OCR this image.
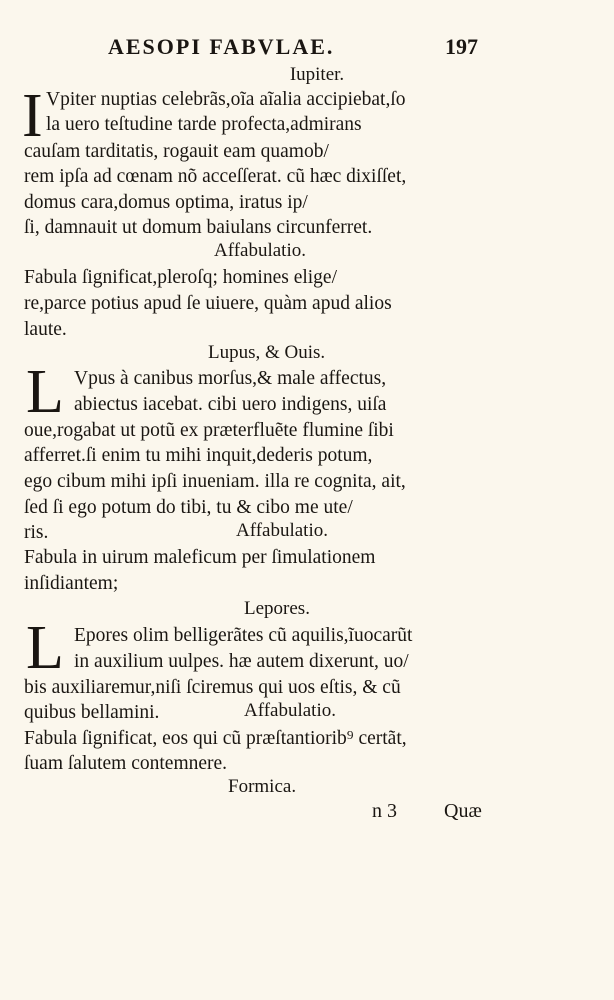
AESOPI FABVLAE.	197
Iupiter.
I Vpiter nuptias celebrãs,oĩa aĩalia accipiebat,ſo
la uero teſtudine tarde profecta,admirans
cauſam tarditatis, rogauit eam quamob/
rem ipſa ad cœnam nõ acceſſerat. cũ hæc dixiſſet,
domus cara,domus optima, iratus ip/
ſi, damnauit ut domum baiulans circunferret.
Affabulatio.
Fabula ſignificat,pleroſq; homines elige/
re,parce potius apud ſe uiuere, quàm apud alios
laute.
Lupus, & Ouis.
L Vpus à canibus morſus,& male affectus,
abiectus iacebat. cibi uero indigens, uiſa
oue,rogabat ut potũ ex præterfluẽte flumine ſibi
afferret.ſi enim tu mihi inquit,dederis potum,
ego cibum mihi ipſi inueniam. illa re cognita, ait,
ſed ſi ego potum do tibi, tu & cibo me ute/
ris.	Affabulatio.
Fabula in uirum maleficum per ſimulationem
inſidiantem;
Lepores.
L Epores olim belligerãtes cũ aquilis,ĩuocarũt
in auxilium uulpes. hæ autem dixerunt, uo/
bis auxiliaremur,niſi ſciremus qui uos eſtis, & cũ
quibus bellamini.	Affabulatio.
Fabula ſignificat, eos qui cũ præſtantiorib⁹ certãt,
ſuam ſalutem contemnere.
Formica.
n 3 Quæ
